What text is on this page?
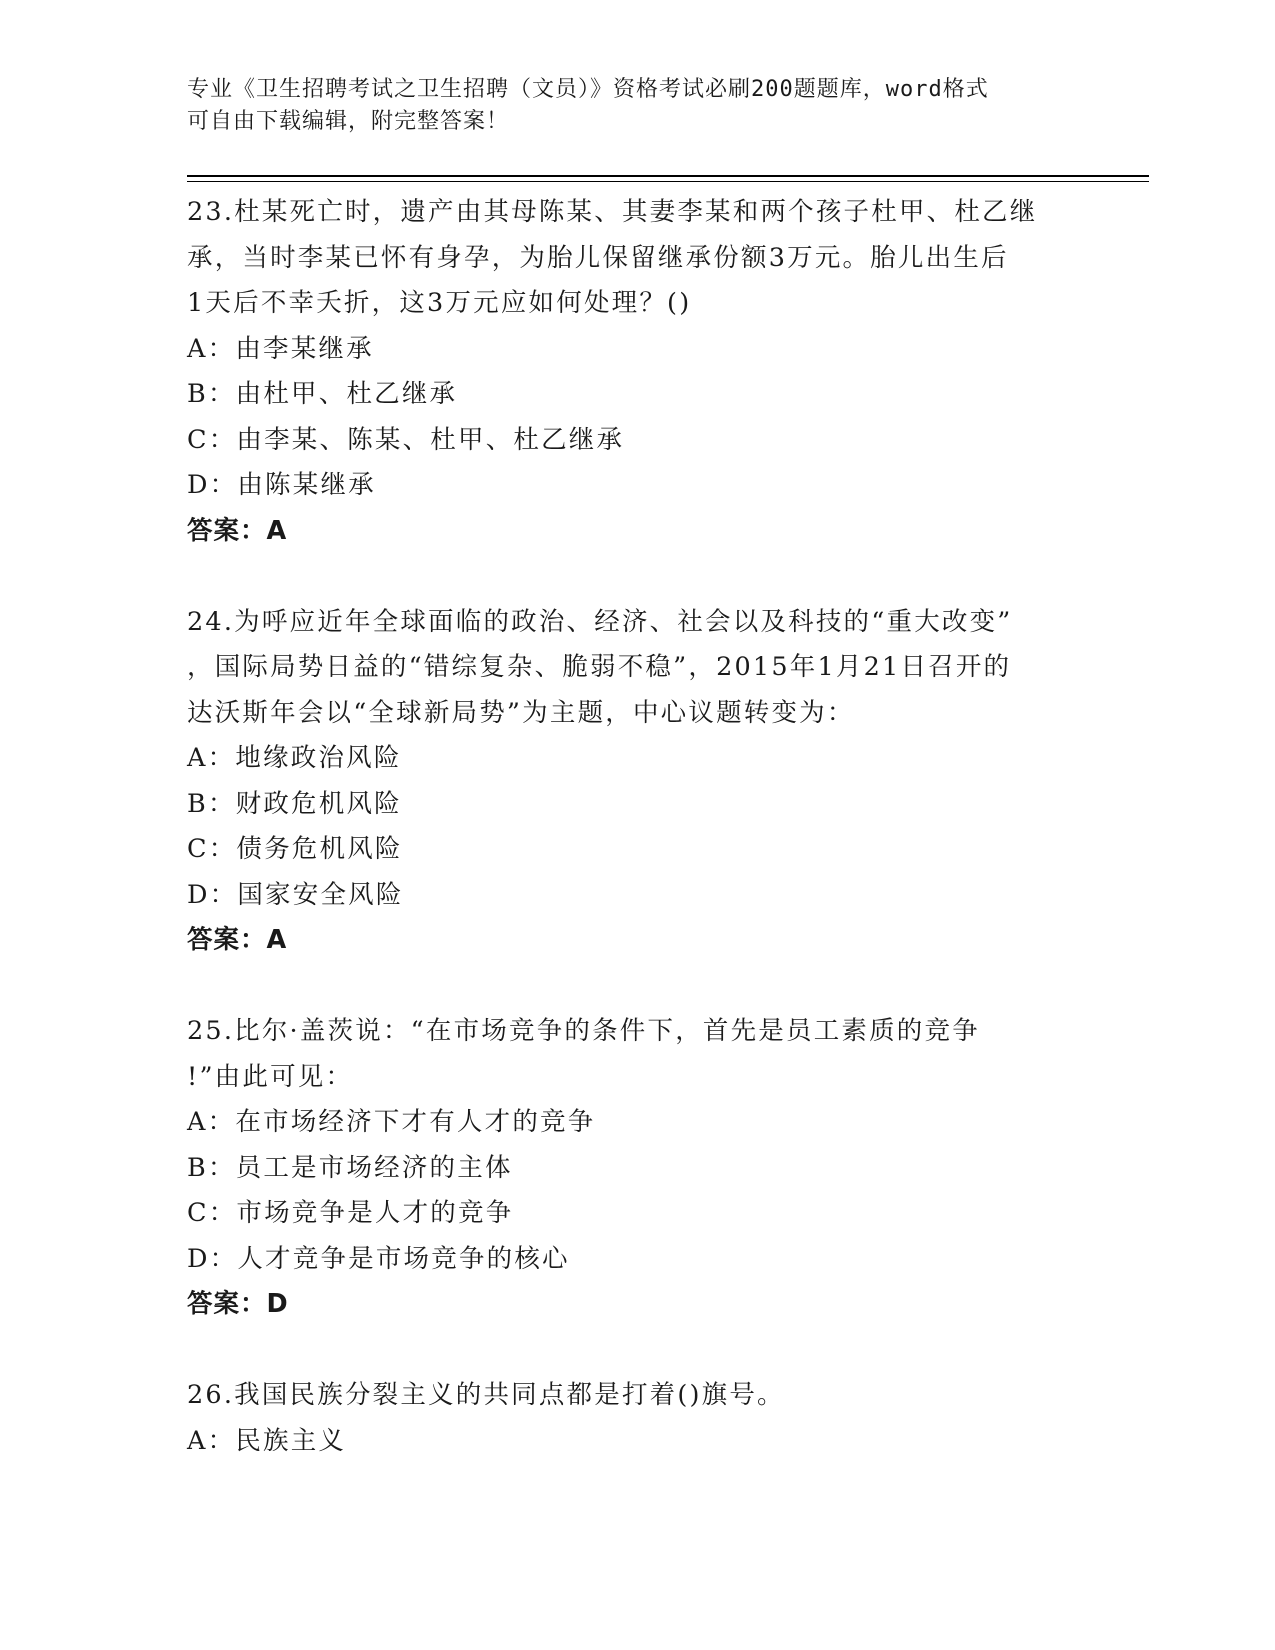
专业《卫生招聘考试之卫生招聘（文员）》资格考试必刷200题题库，word格式
可自由下载编辑，附完整答案！
23.杜某死亡时，遗产由其母陈某、其妻李某和两个孩子杜甲、杜乙继
承，当时李某已怀有身孕，为胎儿保留继承份额3万元。胎儿出生后
1天后不幸夭折，这3万元应如何处理？()
A：由李某继承
B：由杜甲、杜乙继承
C：由李某、陈某、杜甲、杜乙继承
D：由陈某继承
答案：A
24.为呼应近年全球面临的政治、经济、社会以及科技的“重大改变”
，国际局势日益的“错综复杂、脆弱不稳”，2015年1月21日召开的
达沃斯年会以“全球新局势”为主题，中心议题转变为：
A：地缘政治风险
B：财政危机风险
C：债务危机风险
D：国家安全风险
答案：A
25.比尔·盖茨说：“在市场竞争的条件下，首先是员工素质的竞争
!”由此可见：
A：在市场经济下才有人才的竞争
B：员工是市场经济的主体
C：市场竞争是人才的竞争
D：人才竞争是市场竞争的核心
答案：D
26.我国民族分裂主义的共同点都是打着()旗号。
A：民族主义
